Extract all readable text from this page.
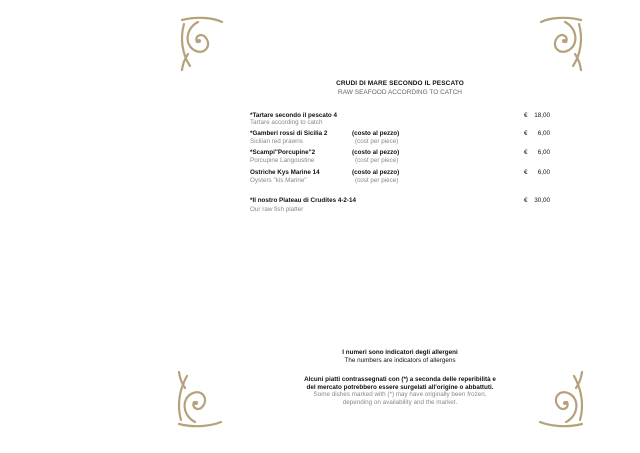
CRUDI DI MARE SECONDO IL PESCATO
RAW SEAFOOD ACCORDING TO CATCH
*Tartare secondo il pescato 4
Tartare according to catch
€	18,00
*Gamberi rossi di Sicilia 2	(costo al pezzo)
Sicilian red prawns	(cost per piece)
€	6,00
*Scampi"Porcupine"2	(costo al pezzo)
Porcupine Langoustine	(cost per piece)
€	6,00
Ostriche Kys Marine 14	(costo al pezzo)
Oysters "kis Marine"	(cost per piece)
€	6,00
*Il nostro Plateau di Crudites 4-2-14
Our raw fish platter
€	30,00
I numeri sono indicatori degli allergeni
The numbers are indicators of allergens
Alcuni piatti contrassegnati con (*) a seconda delle reperibilità e
del mercato potrebbero essere surgelati all'origine o abbattuti.
Some dishes marked with (*) may have originally been frozen,
depending on availability and the market.
